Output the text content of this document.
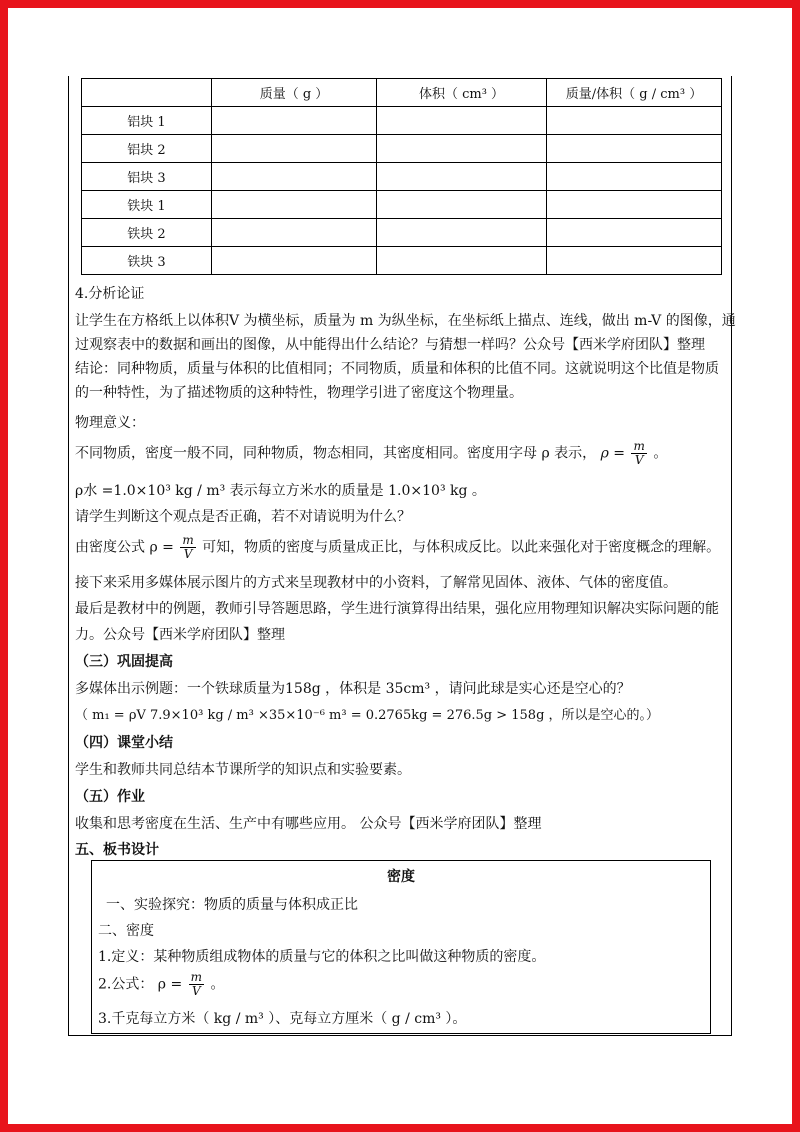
	质量（ g ）	体积（ cm³ ）	质量/体积（ g / cm³ ）
铝块 1			
铝块 2			
铝块 3			
铁块 1			
铁块 2			
铁块 3			
4.分析论证
让学生在方格纸上以体积V 为横坐标，质量为 m 为纵坐标，在坐标纸上描点、连线，做出 m-V 的图像，通
过观察表中的数据和画出的图像，从中能得出什么结论？与猜想一样吗？公众号【西米学府团队】整理
结论：同种物质，质量与体积的比值相同；不同物质，质量和体积的比值不同。这就说明这个比值是物质
的一种特性，为了描述物质的这种特性，物理学引进了密度这个物理量。
物理意义：
不同物质，密度一般不同，同种物质，物态相同，其密度相同。密度用字母 ρ 表示， $\rho = \frac{m}{V}$ 。
ρ水 =1.0×10³ kg / m³ 表示每立方米水的质量是 1.0×10³ kg 。
请学生判断这个观点是否正确，若不对请说明为什么？
由密度公式 $\rho = \frac{m}{V}$ 可知，物质的密度与质量成正比，与体积成反比。以此来强化对于密度概念的理解。
接下来采用多媒体展示图片的方式来呈现教材中的小资料，了解常见固体、液体、气体的密度值。
最后是教材中的例题，教师引导答题思路，学生进行演算得出结果，强化应用物理知识解决实际问题的能
力。公众号【西米学府团队】整理
（三）巩固提高
多媒体出示例题：一个铁球质量为158g ，体积是 35cm³ ，请问此球是实心还是空心的？
（ m₁ = ρV 7.9×10³ kg / m³ ×35×10⁻⁶ m³ = 0.2765kg = 276.5g > 158g ，所以是空心的。）
（四）课堂小结
学生和教师共同总结本节课所学的知识点和实验要素。
（五）作业
收集和思考密度在生活、生产中有哪些应用。 公众号【西米学府团队】整理
五、板书设计
密度
一、实验探究：物质的质量与体积成正比
二、密度
1.定义：某种物质组成物体的质量与它的体积之比叫做这种物质的密度。
2.公式： $\rho = \frac{m}{V}$ 。
3.千克每立方米（ kg / m³ ）、克每立方厘米（ g / cm³ ）。
